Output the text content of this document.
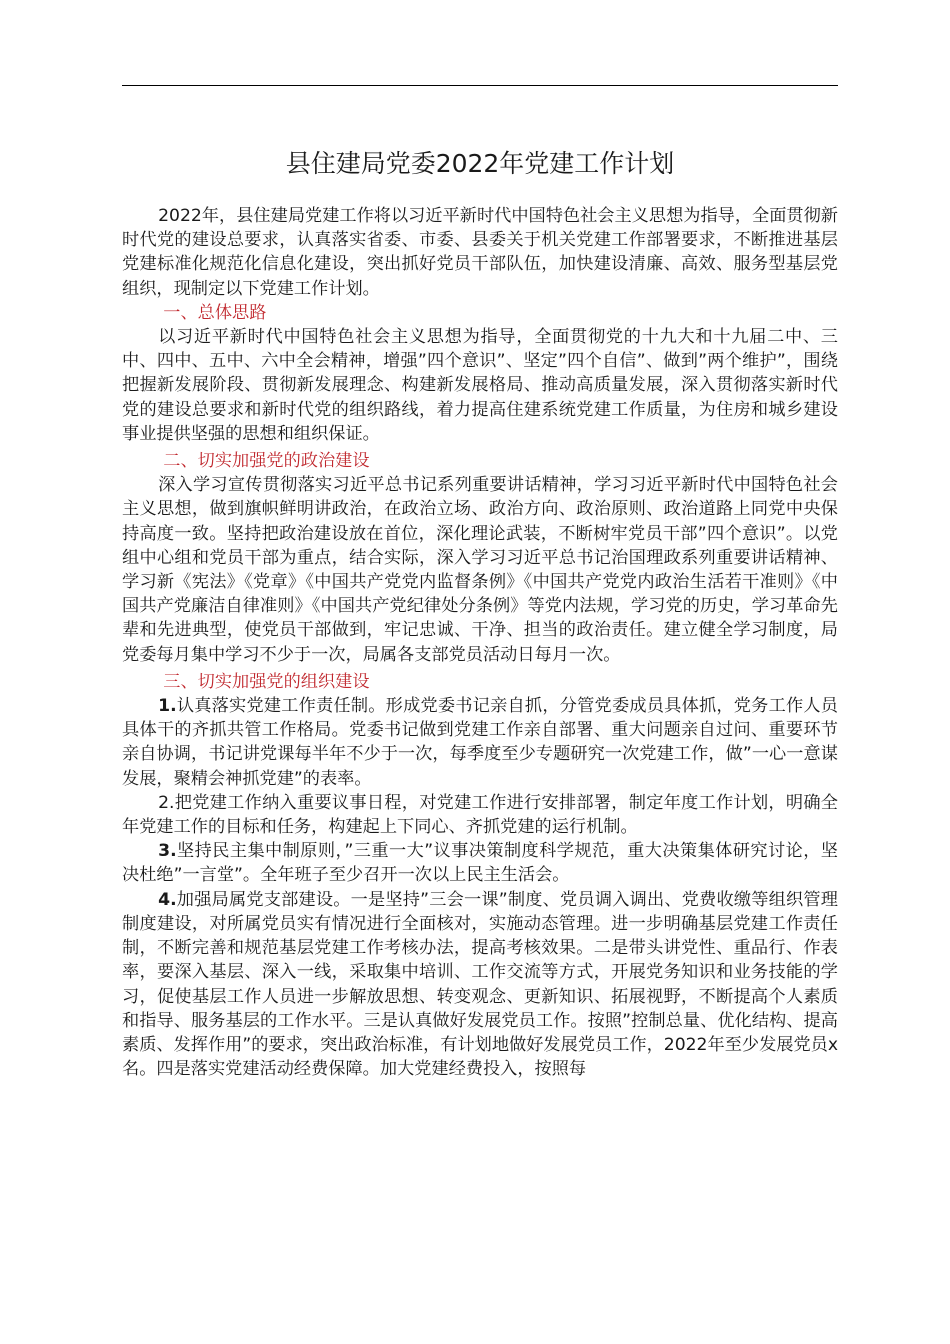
县住建局党委2022年党建工作计划

2022年，县住建局党建工作将以习近平新时代中国特色社会主义思想为指导，全面贯彻新时代党的建设总要求，认真落实省委、市委、县委关于机关党建工作部署要求，不断推进基层党建标准化规范化信息化建设，突出抓好党员干部队伍，加快建设清廉、高效、服务型基层党组织，现制定以下党建工作计划。

一、总体思路

以习近平新时代中国特色社会主义思想为指导，全面贯彻党的十九大和十九届二中、三中、四中、五中、六中全会精神，增强”四个意识”、坚定”四个自信”、做到”两个维护”，围绕把握新发展阶段、贯彻新发展理念、构建新发展格局、推动高质量发展，深入贯彻落实新时代党的建设总要求和新时代党的组织路线，着力提高住建系统党建工作质量，为住房和城乡建设事业提供坚强的思想和组织保证。

二、切实加强党的政治建设

深入学习宣传贯彻落实习近平总书记系列重要讲话精神，学习习近平新时代中国特色社会主义思想，做到旗帜鲜明讲政治，在政治立场、政治方向、政治原则、政治道路上同党中央保持高度一致。坚持把政治建设放在首位，深化理论武装，不断树牢党员干部”四个意识”。以党组中心组和党员干部为重点，结合实际，深入学习习近平总书记治国理政系列重要讲话精神、学习新《宪法》《党章》《中国共产党党内监督条例》《中国共产党党内政治生活若干准则》《中国共产党廉洁自律准则》《中国共产党纪律处分条例》等党内法规，学习党的历史，学习革命先辈和先进典型，使党员干部做到，牢记忠诚、干净、担当的政治责任。建立健全学习制度，局党委每月集中学习不少于一次，局属各支部党员活动日每月一次。

三、切实加强党的组织建设

1.认真落实党建工作责任制。形成党委书记亲自抓，分管党委成员具体抓，党务工作人员具体干的齐抓共管工作格局。党委书记做到党建工作亲自部署、重大问题亲自过问、重要环节亲自协调，书记讲党课每半年不少于一次，每季度至少专题研究一次党建工作，做”一心一意谋发展，聚精会神抓党建”的表率。

2.把党建工作纳入重要议事日程，对党建工作进行安排部署，制定年度工作计划，明确全年党建工作的目标和任务，构建起上下同心、齐抓党建的运行机制。

3.坚持民主集中制原则，”三重一大”议事决策制度科学规范，重大决策集体研究讨论，坚决杜绝”一言堂”。全年班子至少召开一次以上民主生活会。

4.加强局属党支部建设。一是坚持”三会一课”制度、党员调入调出、党费收缴等组织管理制度建设，对所属党员实有情况进行全面核对，实施动态管理。进一步明确基层党建工作责任制，不断完善和规范基层党建工作考核办法，提高考核效果。二是带头讲党性、重品行、作表率，要深入基层、深入一线，采取集中培训、工作交流等方式，开展党务知识和业务技能的学习，促使基层工作人员进一步解放思想、转变观念、更新知识、拓展视野，不断提高个人素质和指导、服务基层的工作水平。三是认真做好发展党员工作。按照”控制总量、优化结构、提高素质、发挥作用”的要求，突出政治标准，有计划地做好发展党员工作，2022年至少发展党员x名。四是落实党建活动经费保障。加大党建经费投入，按照每
